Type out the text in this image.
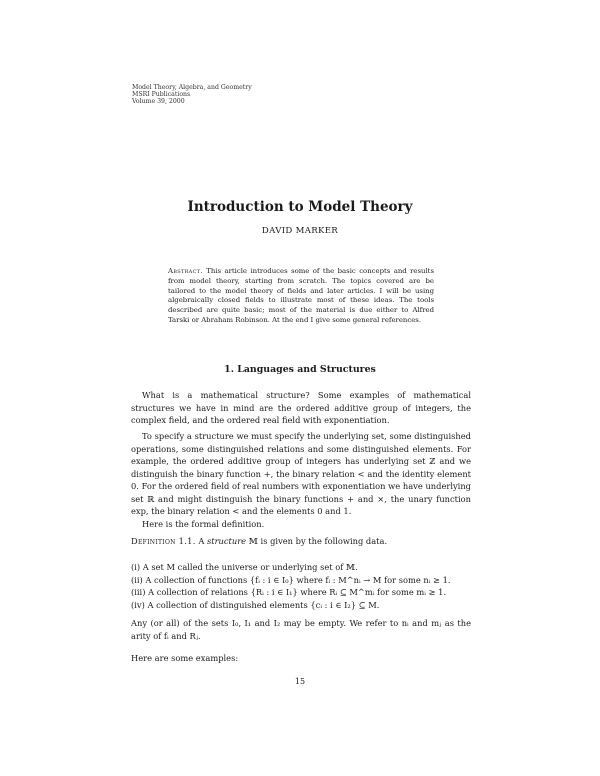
Model Theory, Algebra, and Geometry
MSRI Publications
Volume 39, 2000
Introduction to Model Theory
DAVID MARKER
Abstract. This article introduces some of the basic concepts and results from model theory, starting from scratch. The topics covered are be tailored to the model theory of fields and later articles. I will be using algebraically closed fields to illustrate most of these ideas. The tools described are quite basic; most of the material is due either to Alfred Tarski or Abraham Robinson. At the end I give some general references.
1. Languages and Structures

What is a mathematical structure? Some examples of mathematical structures we have in mind are the ordered additive group of integers, the complex field, and the ordered real field with exponentiation.

To specify a structure we must specify the underlying set, some distinguished operations, some distinguished relations and some distinguished elements. For example, the ordered additive group of integers has underlying set ℤ and we distinguish the binary function +, the binary relation < and the identity element 0. For the ordered field of real numbers with exponentiation we have underlying set ℝ and might distinguish the binary functions + and ×, the unary function exp, the binary relation < and the elements 0 and 1.

Here is the formal definition.

Definition 1.1. A structure 𝕄 is given by the following data.

(i) A set M called the universe or underlying set of 𝕄.
(ii) A collection of functions {fᵢ : i ∈ I₀} where fᵢ : M^nᵢ → M for some nᵢ ≥ 1.
(iii) A collection of relations {Rᵢ : i ∈ I₁} where Rᵢ ⊆ M^mᵢ for some mᵢ ≥ 1.
(iv) A collection of distinguished elements {cᵢ : i ∈ I₂} ⊆ M.

Any (or all) of the sets I₀, I₁ and I₂ may be empty. We refer to nᵢ and mⱼ as the arity of fᵢ and Rⱼ.

Here are some examples:

15
